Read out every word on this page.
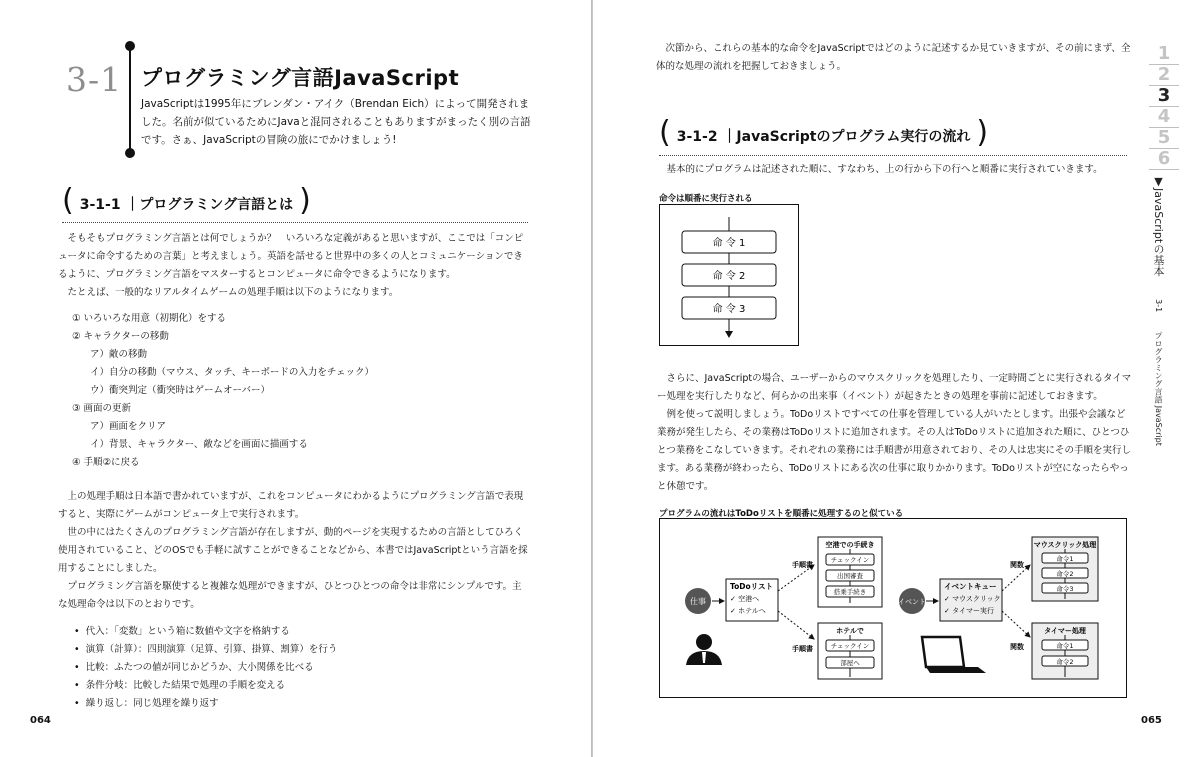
3-1 プログラミング言語JavaScript
JavaScriptは1995年にブレンダン・アイク（Brendan Eich）によって開発されました。名前が似ているためにJavaと混同されることもありますがまったく別の言語です。さぁ、JavaScriptの冒険の旅にでかけましょう!
( 3-1-1 ｜プログラミング言語とは )

そもそもプログラミング言語とは何でしょうか？　いろいろな定義があると思いますが、ここでは「コンピュータに命令するための言葉」と考えましょう。英語を話せると世界中の多くの人とコミュニケーションできるように、プログラミング言語をマスターするとコンピュータに命令できるようになります。

たとえば、一般的なリアルタイムゲームの処理手順は以下のようになります。

① いろいろな用意（初期化）をする
② キャラクターの移動
ア）敵の移動
イ）自分の移動（マウス、タッチ、キーボードの入力をチェック）
ウ）衝突判定（衝突時はゲームオーバー）
③ 画面の更新
ア）画面をクリア
イ）背景、キャラクター、敵などを画面に描画する
④ 手順②に戻る

上の処理手順は日本語で書かれていますが、これをコンピュータにわかるようにプログラミング言語で表現すると、実際にゲームがコンピュータ上で実行されます。

世の中にはたくさんのプログラミング言語が存在しますが、動的ページを実現するための言語としてひろく使用されていること、どのOSでも手軽に試すことができることなどから、本書ではJavaScriptという言語を採用することにしました。

プログラミング言語を駆使すると複雑な処理ができますが、ひとつひとつの命令は非常にシンプルです。主な処理命令は以下のとおりです。

• 代入：「変数」という箱に数値や文字を格納する
• 演算（計算）：四則演算（足算、引算、掛算、割算）を行う
• 比較：ふたつの値が同じかどうか、大小関係を比べる
• 条件分岐：比較した結果で処理の手順を変える
• 繰り返し：同じ処理を繰り返す
064

次節から、これらの基本的な命令をJavaScriptではどのように記述するか見ていきますが、その前にまず、全体的な処理の流れを把握しておきましょう。

( 3-1-2 ｜JavaScriptのプログラム実行の流れ )

基本的にプログラムは記述された順に、すなわち、上の行から下の行へと順番に実行されていきます。

命令は順番に実行される
命 令 1
命 令 2
命 令 3

さらに、JavaScriptの場合、ユーザーからのマウスクリックを処理したり、一定時間ごとに実行されるタイマー処理を実行したりなど、何らかの出来事（イベント）が起きたときの処理を事前に記述しておきます。

例を使って説明しましょう。ToDoリストですべての仕事を管理している人がいたとします。出張や会議など業務が発生したら、その業務はToDoリストに追加されます。その人はToDoリストに追加された順に、ひとつひとつ業務をこなしていきます。それぞれの業務には手順書が用意されており、その人は忠実にその手順を実行します。ある業務が終わったら、ToDoリストにある次の仕事に取りかかります。ToDoリストが空になったらやっと休憩です。

プログラムの流れはToDoリストを順番に処理するのと似ている
仕事
ToDoリスト
✓ 空港へ
✓ ホテルへ
手順書
手順書
空港での手続き
チェックイン
出国審査
搭乗手続き
ホテルで
チェックイン
部屋へ
イベント
イベントキュー
✓ マウスクリック
✓ タイマー実行
関数
関数
マウスクリック処理
命令1
命令2
命令3
タイマー処理
命令1
命令2
1
2
3
4
5
6
▼JavaScriptの基本  3-1  プログラミング言語 JavaScript
065
